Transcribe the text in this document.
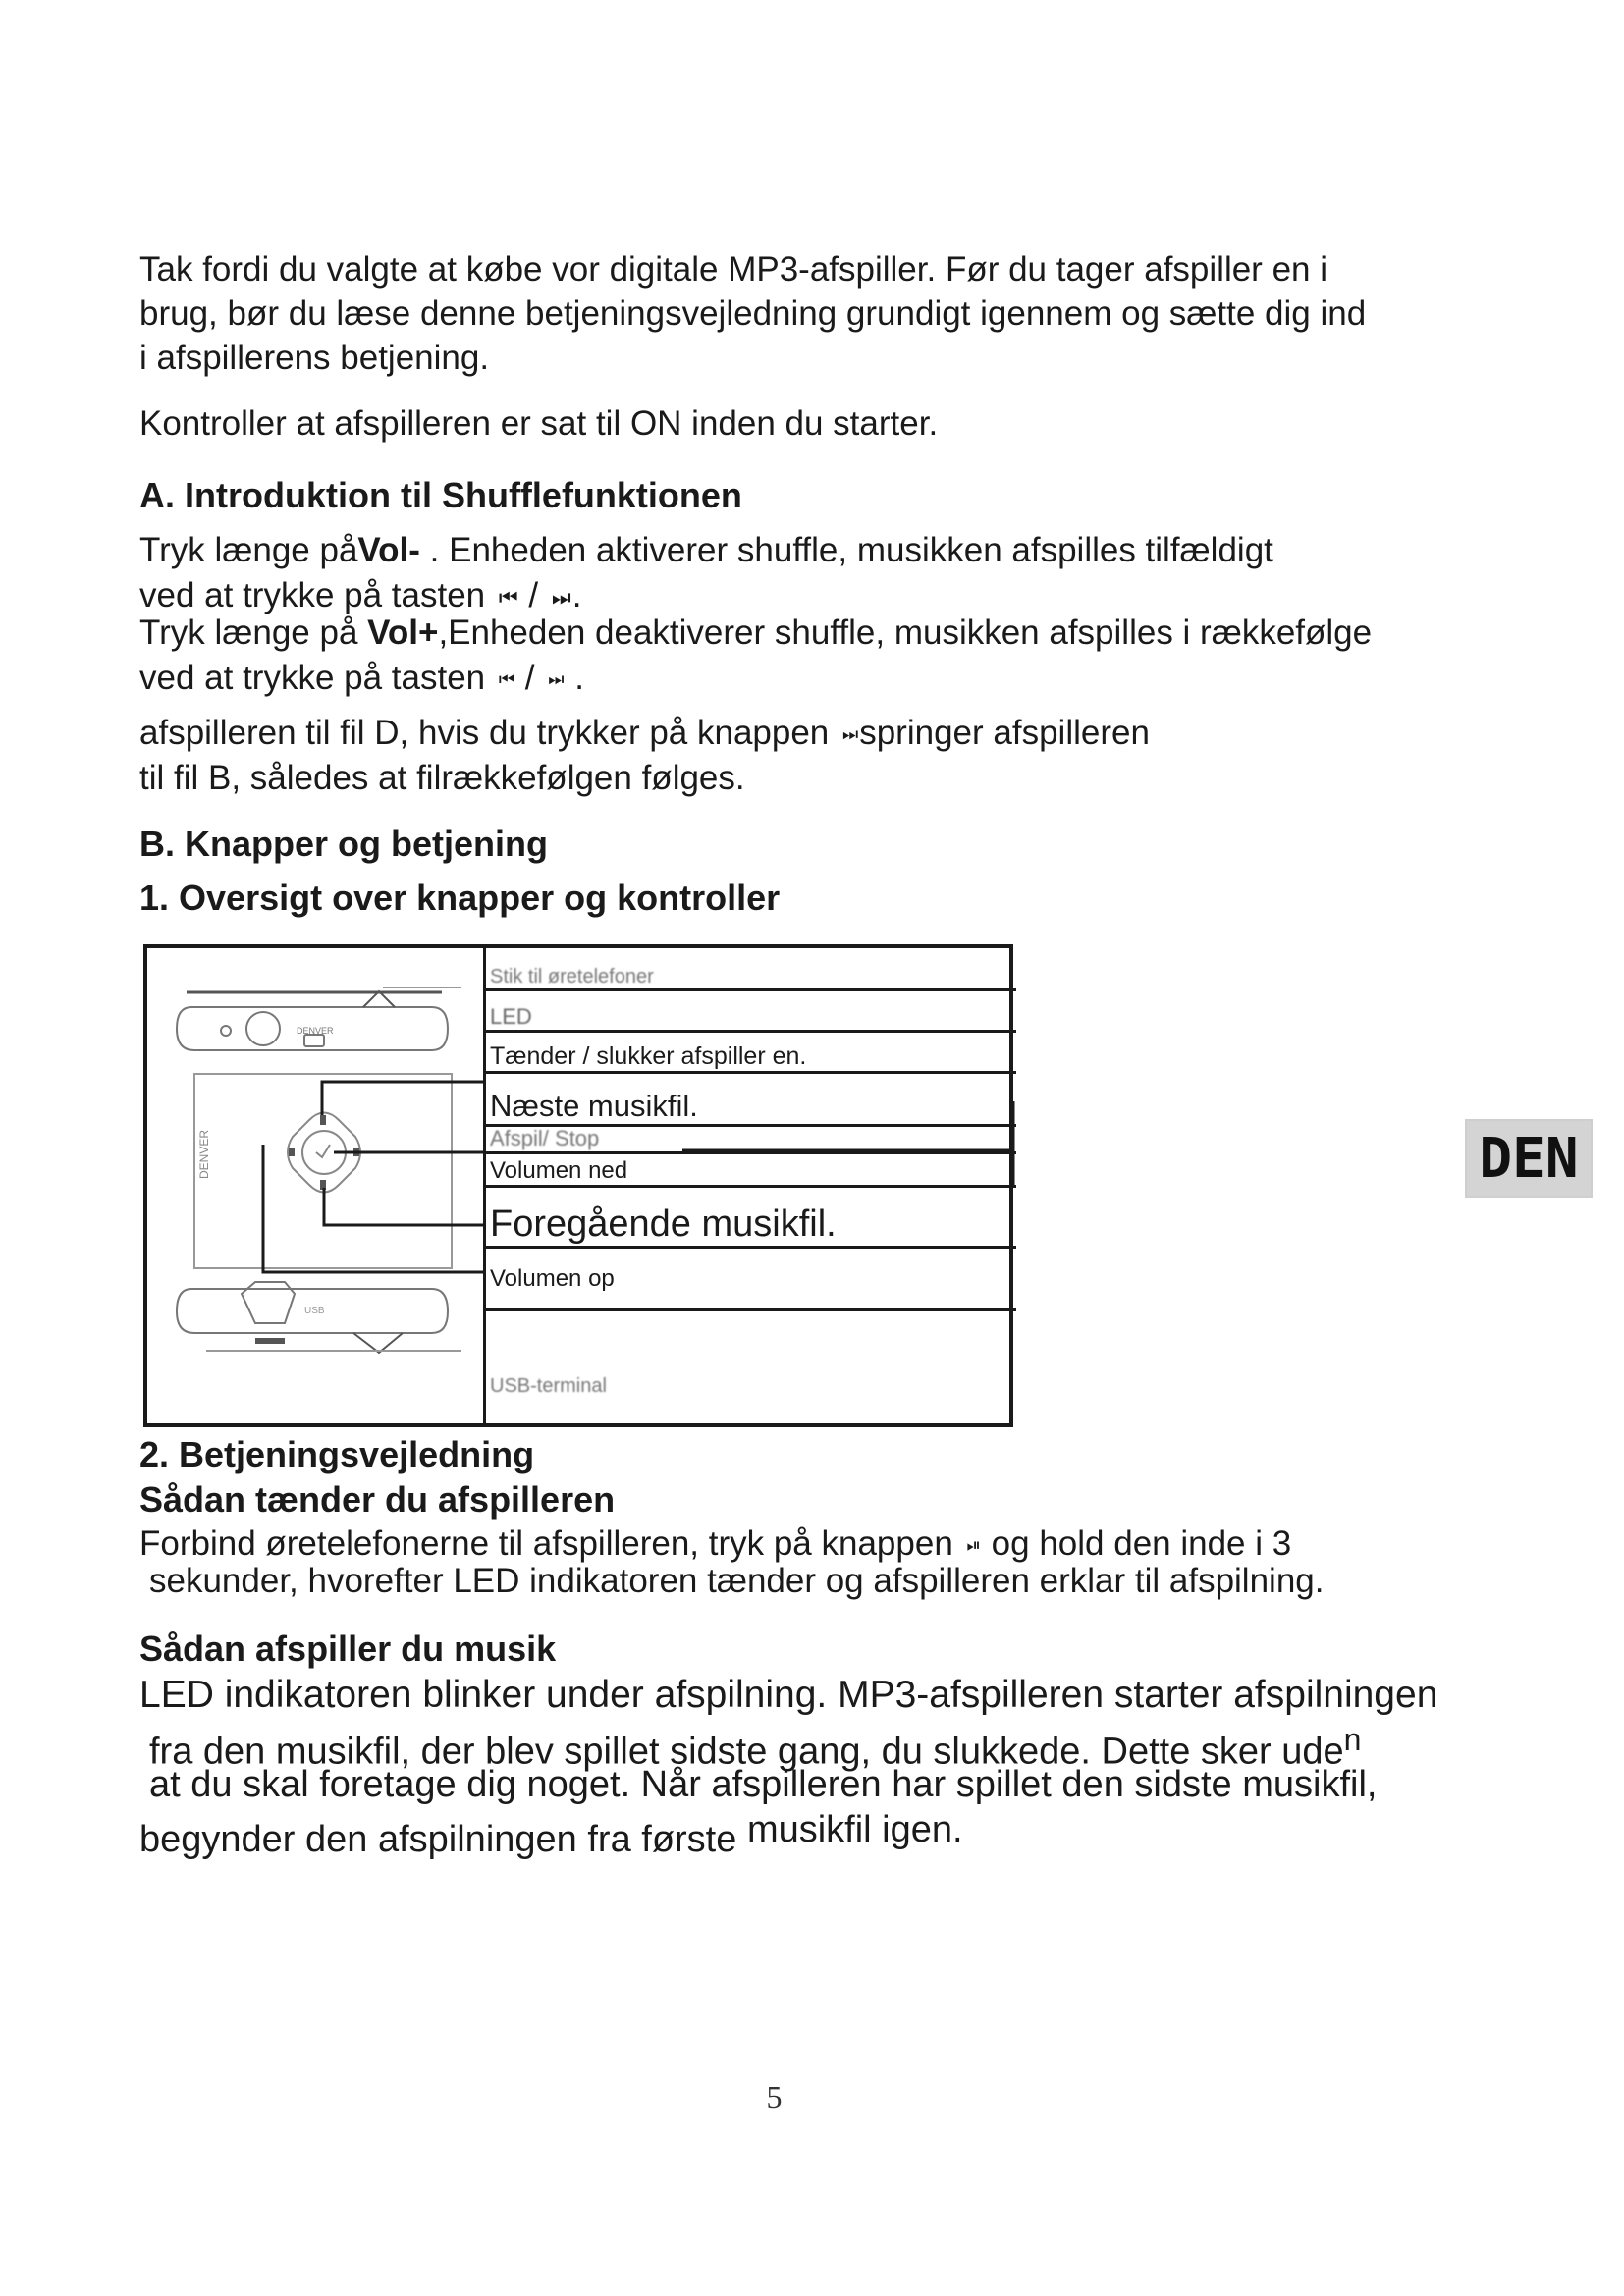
Tak fordi du valgte at købe vor digitale MP3-afspiller. Før du tager afspiller en i

brug, bør du læse denne betjeningsvejledning grundigt igennem og sætte dig ind

i afspillerens betjening.

Kontroller at afspilleren er sat til ON inden du starter.

A. Introduktion til Shufflefunktionen

Tryk længe påVol- . Enheden aktiverer shuffle, musikken afspilles tilfældigt

ved at trykke på tasten ⏮ / ⏭ .

Tryk længe på Vol+,Enheden deaktiverer shuffle, musikken afspilles i rækkefølge

ved at trykke på tasten ⏮ / ⏭ .

afspilleren til fil D, hvis du trykker på knappen ⏭ springer afspilleren

til fil B, således at filrækkefølgen følges.

B. Knapper og betjening
1. Oversigt over knapper og kontroller
DENVER
DENVER
USB
Stik til øretelefoner
LED
Tænder / slukker afspiller en.
Næste musikfil.
Afspil/ Stop
Volumen ned
Foregående musikfil.
Volumen op
USB-terminal
DEN
2. Betjeningsvejledning
Sådan tænder du afspilleren

Forbind øretelefonerne til afspilleren, tryk på knappen ⏯ og hold den inde i 3

sekunder, hvorefter LED indikatoren tænder og afspilleren erklar til afspilning.

Sådan afspiller du musik

LED indikatoren blinker under afspilning. MP3-afspilleren starter afspilningen

fra den musikfil, der blev spillet sidste gang, du slukkede. Dette sker ude$^n$

at du skal foretage dig noget. Når afspilleren har spillet den sidste musikfil,

begynder den afspilningen fra første musikfil igen.

5
